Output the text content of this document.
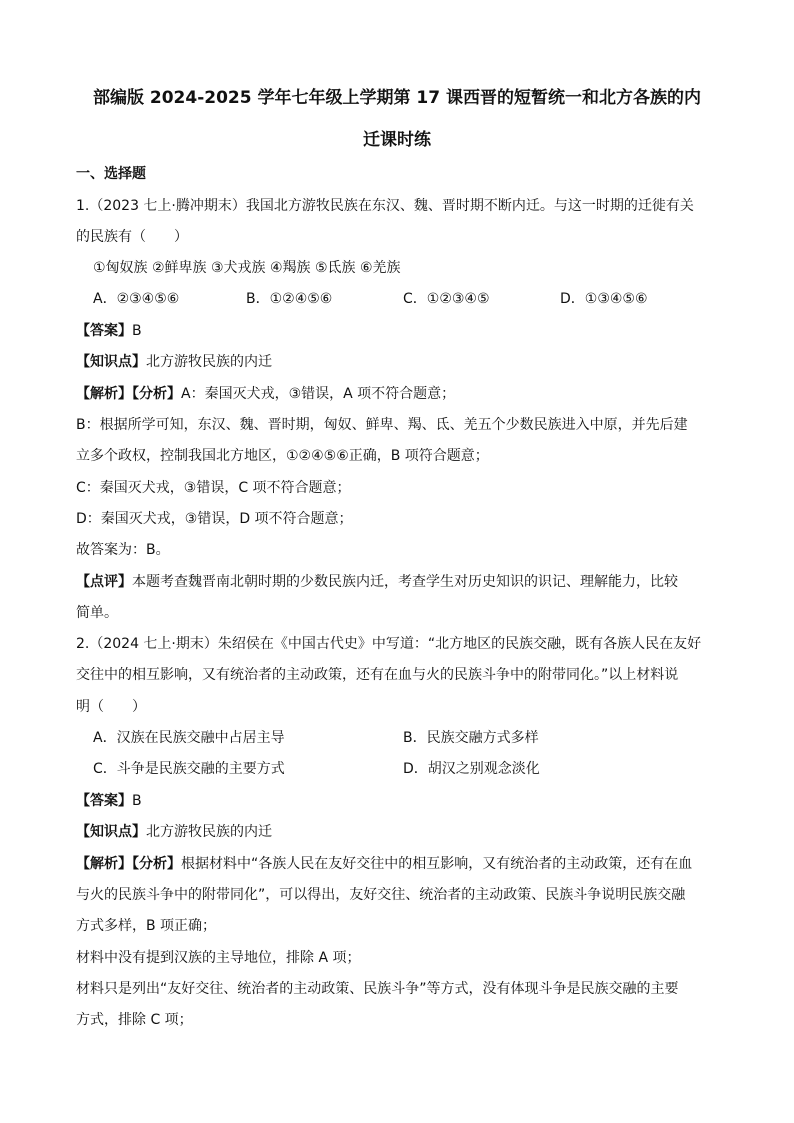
部编版 2024-2025 学年七年级上学期第 17 课西晋的短暂统一和北方各族的内
迁课时练
一、选择题
1.（2023 七上·腾冲期末）我国北方游牧民族在东汉、魏、晋时期不断内迁。与这一时期的迁徙有关
的民族有（　　）
①匈奴族 ②鲜卑族 ③犬戎族 ④羯族 ⑤氐族 ⑥羌族
A．②③④⑤⑥	B．①②④⑤⑥	C．①②③④⑤	D．①③④⑤⑥
【答案】B
【知识点】北方游牧民族的内迁
【解析】【分析】A：秦国灭犬戎，③错误，A 项不符合题意；
B：根据所学可知，东汉、魏、晋时期，匈奴、鲜卑、羯、氐、羌五个少数民族进入中原，并先后建
立多个政权，控制我国北方地区，①②④⑤⑥正确，B 项符合题意；
C：秦国灭犬戎，③错误，C 项不符合题意；
D：秦国灭犬戎，③错误，D 项不符合题意；
故答案为：B。
【点评】本题考查魏晋南北朝时期的少数民族内迁，考查学生对历史知识的识记、理解能力，比较
简单。
2.（2024 七上·期末）朱绍侯在《中国古代史》中写道：“北方地区的民族交融，既有各族人民在友好
交往中的相互影响，又有统治者的主动政策，还有在血与火的民族斗争中的附带同化。”以上材料说
明（　　）
A．汉族在民族交融中占居主导	B．民族交融方式多样
C．斗争是民族交融的主要方式	D．胡汉之别观念淡化
【答案】B
【知识点】北方游牧民族的内迁
【解析】【分析】根据材料中“各族人民在友好交往中的相互影响，又有统治者的主动政策，还有在血
与火的民族斗争中的附带同化”，可以得出，友好交往、统治者的主动政策、民族斗争说明民族交融
方式多样，B 项正确；
材料中没有提到汉族的主导地位，排除 A 项；
材料只是列出“友好交往、统治者的主动政策、民族斗争”等方式，没有体现斗争是民族交融的主要
方式，排除 C 项；
